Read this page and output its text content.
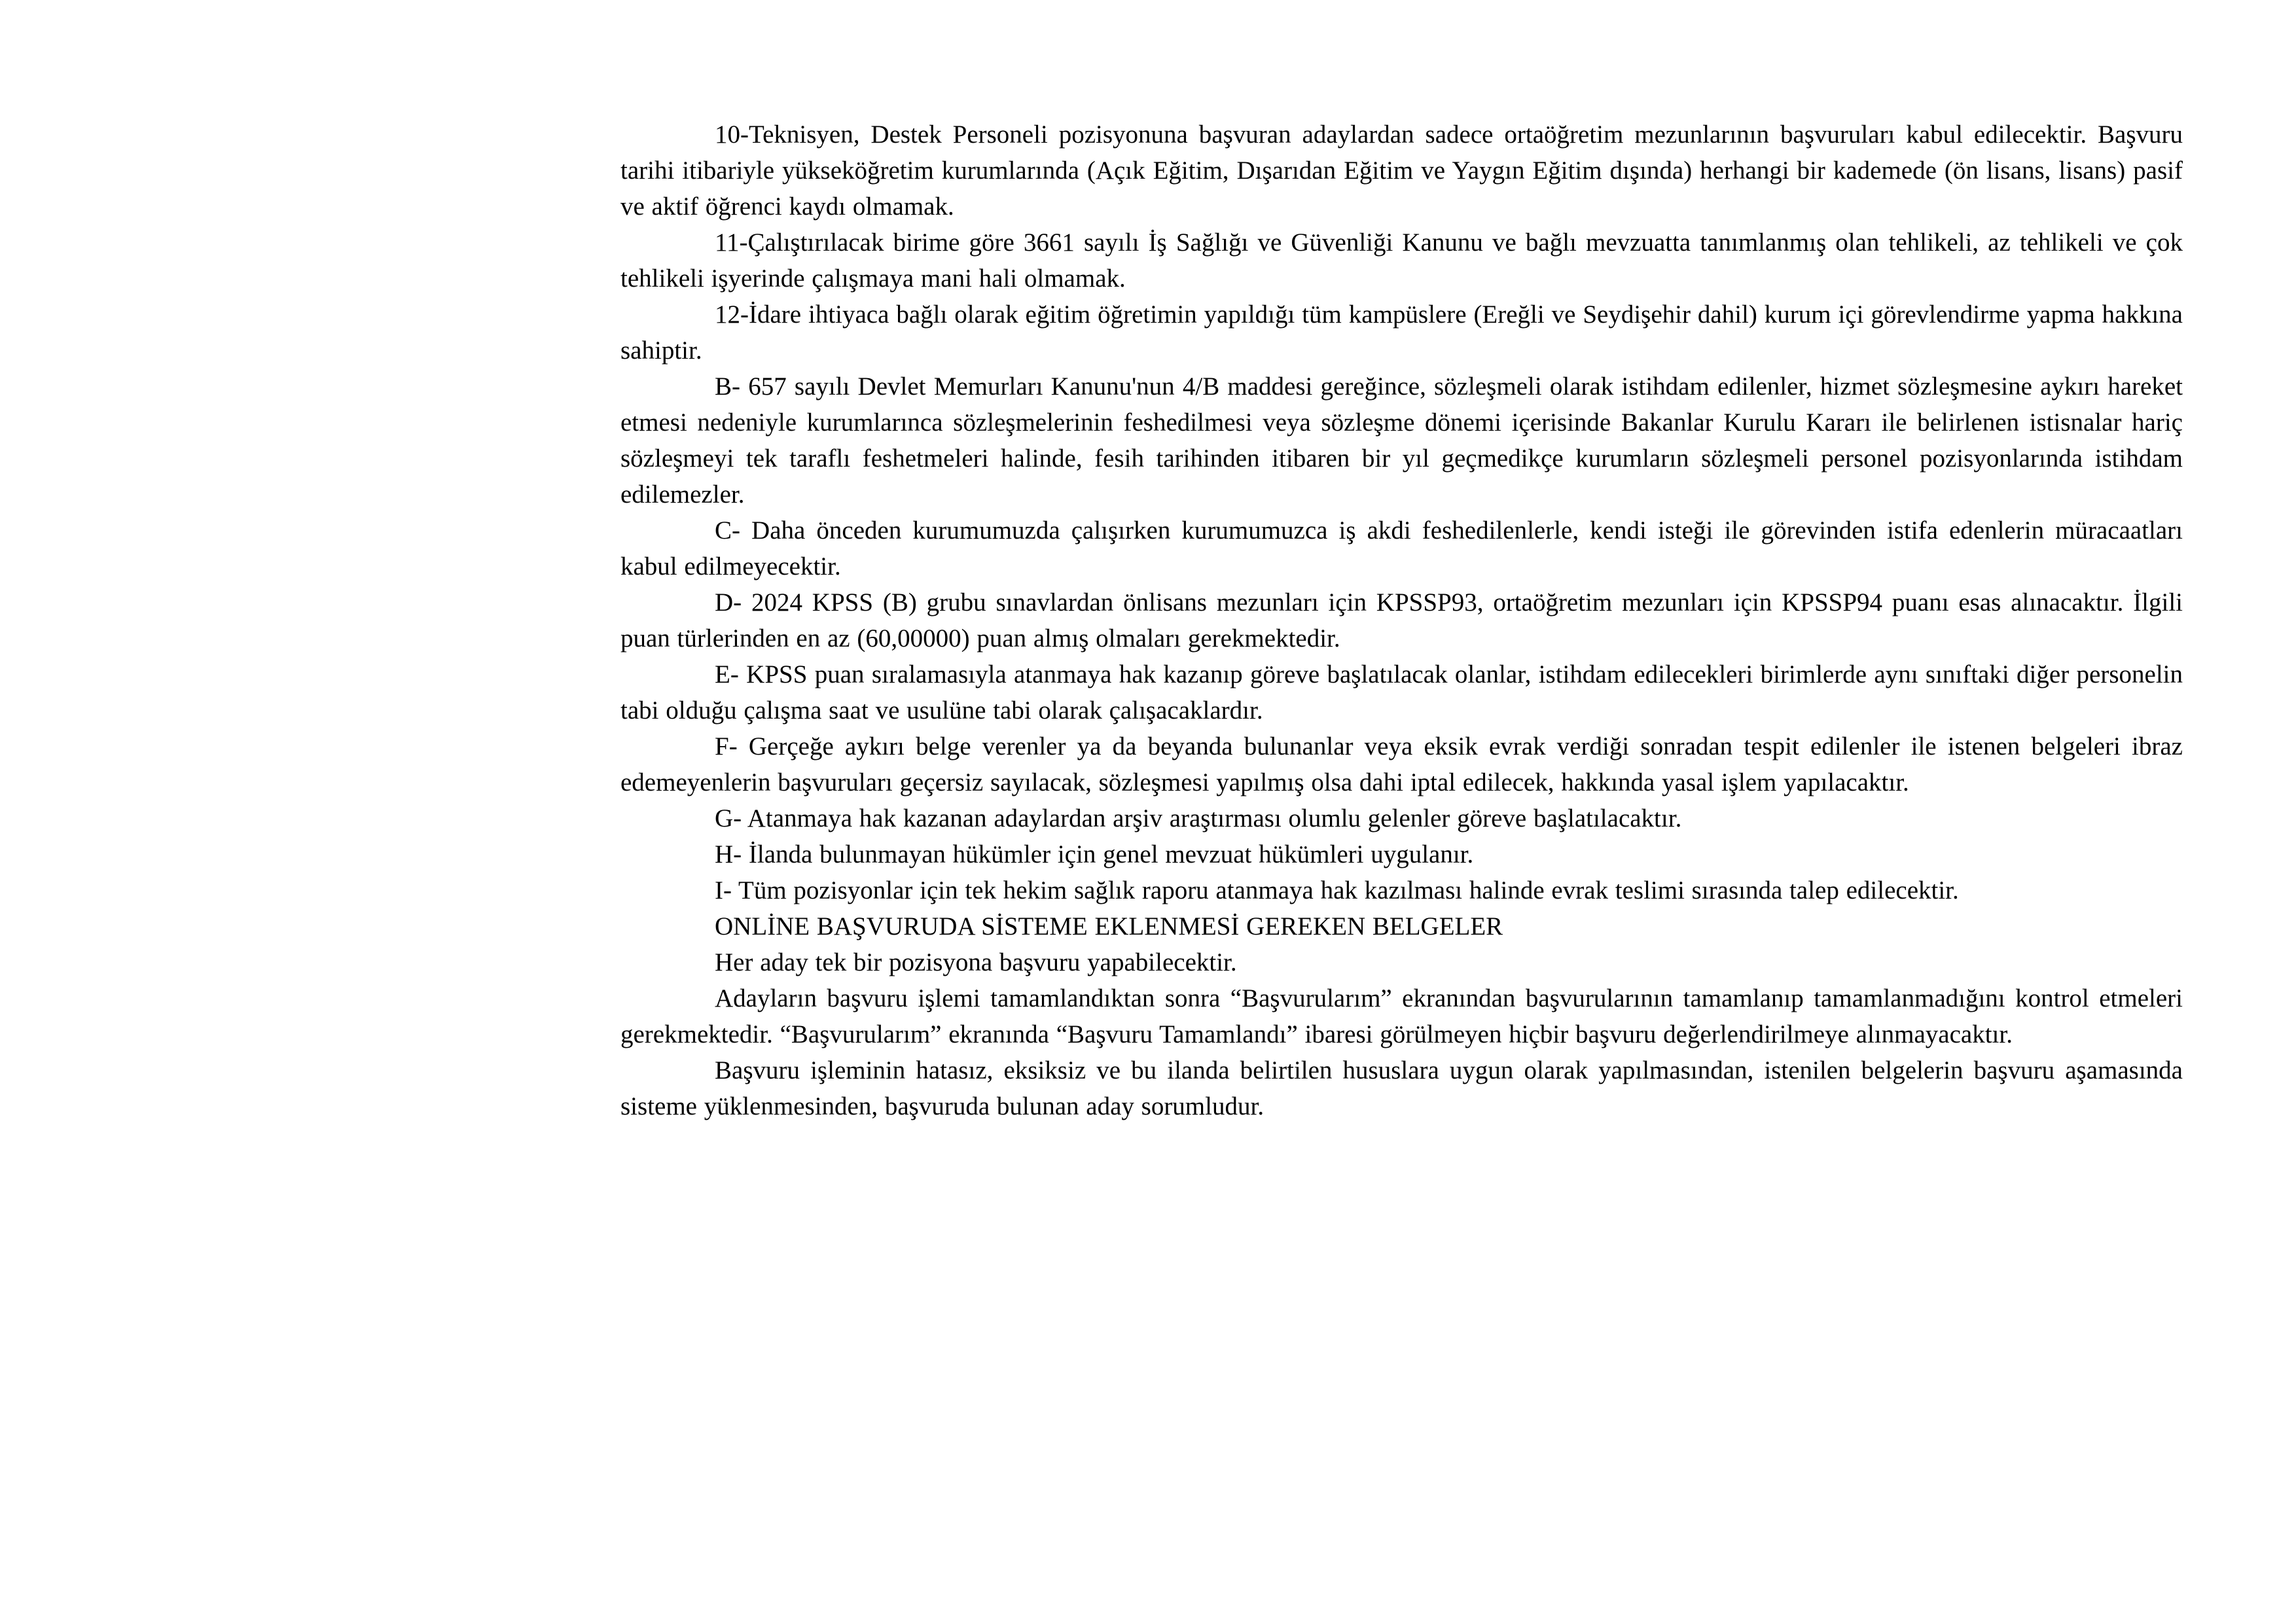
10-Teknisyen, Destek Personeli pozisyonuna başvuran adaylardan sadece ortaöğretim mezunlarının başvuruları kabul edilecektir. Başvuru tarihi itibariyle yükseköğretim kurumlarında (Açık Eğitim, Dışarıdan Eğitim ve Yaygın Eğitim dışında) herhangi bir kademede (ön lisans, lisans) pasif ve aktif öğrenci kaydı olmamak.

11-Çalıştırılacak birime göre 3661 sayılı İş Sağlığı ve Güvenliği Kanunu ve bağlı mevzuatta tanımlanmış olan tehlikeli, az tehlikeli ve çok tehlikeli işyerinde çalışmaya mani hali olmamak.

12-İdare ihtiyaca bağlı olarak eğitim öğretimin yapıldığı tüm kampüslere (Ereğli ve Seydişehir dahil) kurum içi görevlendirme yapma hakkına sahiptir.

B- 657 sayılı Devlet Memurları Kanunu'nun 4/B maddesi gereğince, sözleşmeli olarak istihdam edilenler, hizmet sözleşmesine aykırı hareket etmesi nedeniyle kurumlarınca sözleşmelerinin feshedilmesi veya sözleşme dönemi içerisinde Bakanlar Kurulu Kararı ile belirlenen istisnalar hariç sözleşmeyi tek taraflı feshetmeleri halinde, fesih tarihinden itibaren bir yıl geçmedikçe kurumların sözleşmeli personel pozisyonlarında istihdam edilemezler.

C- Daha önceden kurumumuzda çalışırken kurumumuzca iş akdi feshedilenlerle, kendi isteği ile görevinden istifa edenlerin müracaatları kabul edilmeyecektir.

D- 2024 KPSS (B) grubu sınavlardan önlisans mezunları için KPSSP93, ortaöğretim mezunları için KPSSP94 puanı esas alınacaktır. İlgili puan türlerinden en az (60,00000) puan almış olmaları gerekmektedir.

E- KPSS puan sıralamasıyla atanmaya hak kazanıp göreve başlatılacak olanlar, istihdam edilecekleri birimlerde aynı sınıftaki diğer personelin tabi olduğu çalışma saat ve usulüne tabi olarak çalışacaklardır.

F- Gerçeğe aykırı belge verenler ya da beyanda bulunanlar veya eksik evrak verdiği sonradan tespit edilenler ile istenen belgeleri ibraz edemeyenlerin başvuruları geçersiz sayılacak, sözleşmesi yapılmış olsa dahi iptal edilecek, hakkında yasal işlem yapılacaktır.

G- Atanmaya hak kazanan adaylardan arşiv araştırması olumlu gelenler göreve başlatılacaktır.

H- İlanda bulunmayan hükümler için genel mevzuat hükümleri uygulanır.

I- Tüm pozisyonlar için tek hekim sağlık raporu atanmaya hak kazılması halinde evrak teslimi sırasında talep edilecektir.

ONLİNE BAŞVURUDA SİSTEME EKLENMESİ GEREKEN BELGELER

Her aday tek bir pozisyona başvuru yapabilecektir.

Adayların başvuru işlemi tamamlandıktan sonra “Başvurularım” ekranından başvurularının tamamlanıp tamamlanmadığını kontrol etmeleri gerekmektedir. “Başvurularım” ekranında “Başvuru Tamamlandı” ibaresi görülmeyen hiçbir başvuru değerlendirilmeye alınmayacaktır.

Başvuru işleminin hatasız, eksiksiz ve bu ilanda belirtilen hususlara uygun olarak yapılmasından, istenilen belgelerin başvuru aşamasında sisteme yüklenmesinden, başvuruda bulunan aday sorumludur.
